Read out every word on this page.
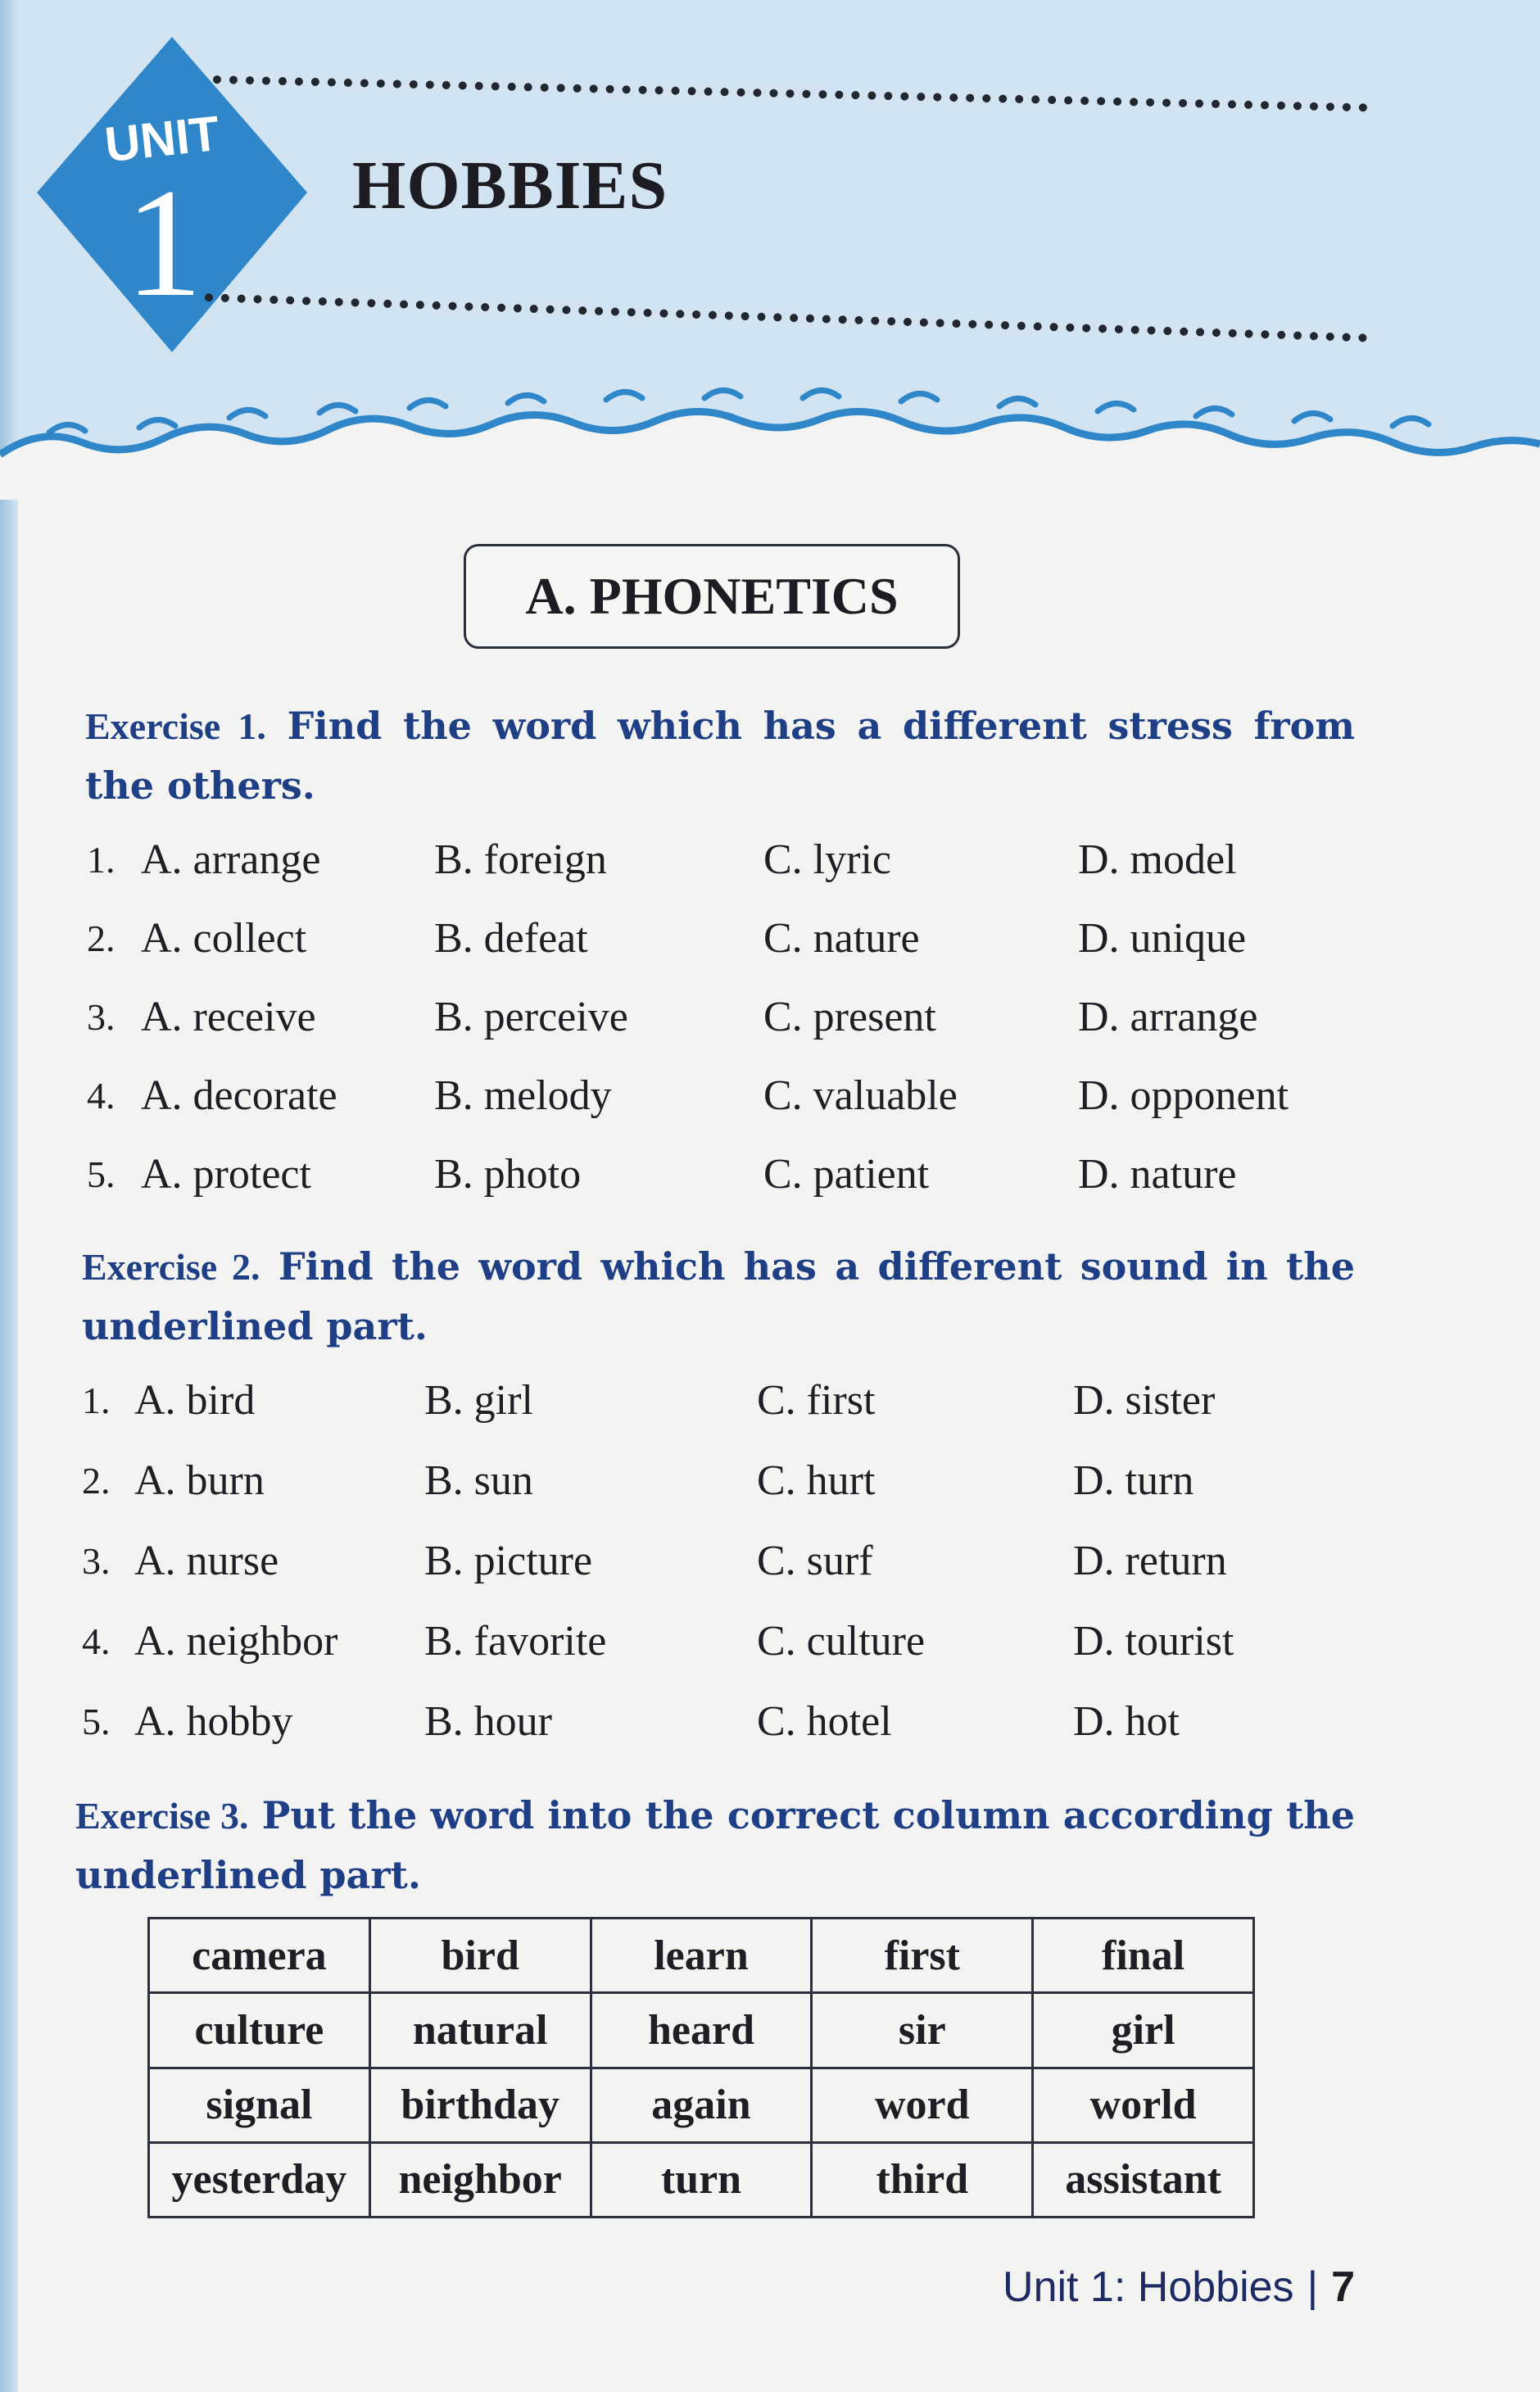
UNIT
1 HOBBIES
A. PHONETICS

Exercise 1. Find the word which has a different stress from the others.

1. A. arrange	B. foreign	C. lyric	D. model
2. A. collect	B. defeat	C. nature	D. unique
3. A. receive	B. perceive	C. present	D. arrange
4. A. decorate B. melody	C. valuable	D. opponent
5. A. protect	B. photo	C. patient	D. nature

Exercise 2. Find the word which has a different sound in the underlined part.

1. A. bird	B. girl	C. first	D. sister
2. A. burn	B. sun	C. hurt	D. turn
3. A. nurse	B. picture	C. surf	D. return
4. A. neighbor B. favorite	C. culture	D. tourist
5. A. hobby	B. hour	C. hotel	D. hot

Exercise 3. Put the word into the correct column according the underlined part.

camera	bird	learn	first	final
culture	natural	heard	sir	girl
signal	birthday	again	word	world
yesterday	neighbor	turn	third	assistant
Unit 1: Hobbies | 7
